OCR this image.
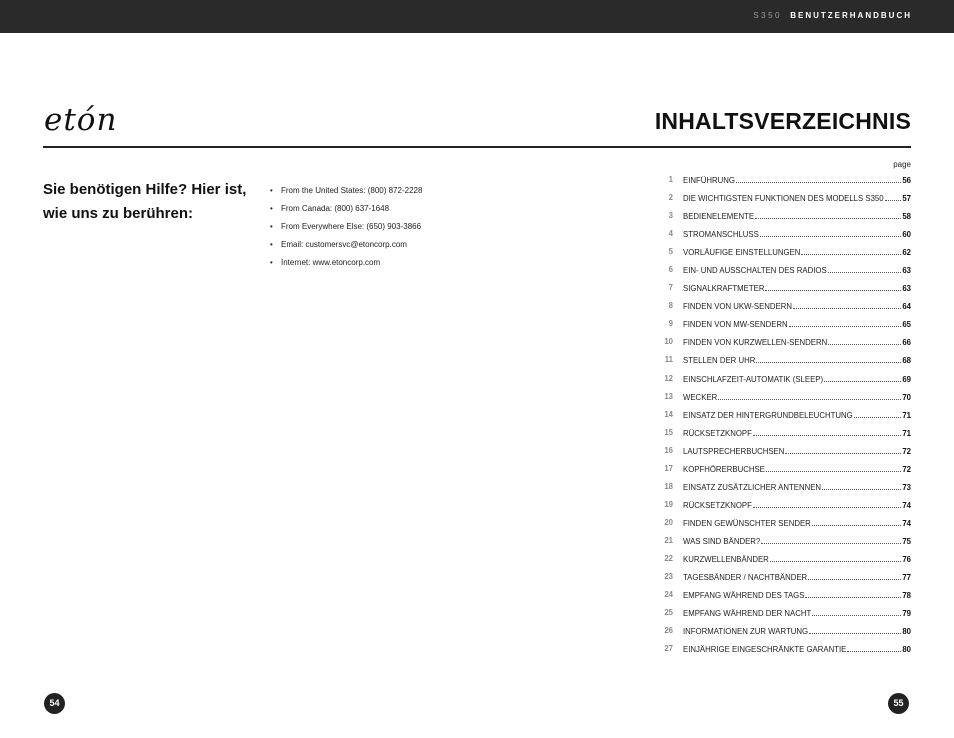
S350 BENUTZERHANDBUCH
etón	INHALTSVERZEICHNIS
Sie benötigen Hilfe? Hier ist, wie uns zu berühren:
• From the United States: (800) 872-2228
• From Canada: (800) 637-1648
• From Everywhere Else: (650) 903-3866
• Email: customersvc@etoncorp.com
• Internet: www.etoncorp.com
page
1 EINFÜHRUNG	56
2 DIE WICHTIGSTEN FUNKTIONEN DES MODELLS S350 57
3 BEDIENELEMENTE	58
4 STROMANSCHLUSS	60
5 VORLÄUFIGE EINSTELLUNGEN	62
6 EIN- UND AUSSCHALTEN DES RADIOS	63
7 SIGNALKRAFTMETER	63
8 FINDEN VON UKW-SENDERN	64
9 FINDEN VON MW-SENDERN	65
10 FINDEN VON KURZWELLEN-SENDERN	66
11 STELLEN DER UHR	68
12 EINSCHLAFZEIT-AUTOMATIK (SLEEP)	69
13 WECKER	70
14 EINSATZ DER HINTERGRUNDBELEUCHTUNG	71
15 RÜCKSETZKNOPF	71
16 LAUTSPRECHERBUCHSEN	72
17 KOPFHÖRERBUCHSE	72
18 EINSATZ ZUSÄTZLICHER ANTENNEN	73
19 RÜCKSETZKNOPF	74
20 FINDEN GEWÜNSCHTER SENDER	74
21 WAS SIND BÄNDER?	75
22 KURZWELLENBÄNDER	76
23 TAGESBÄNDER / NACHTBÄNDER	77
24 EMPFANG WÄHREND DES TAGS	78
25 EMPFANG WÄHREND DER NACHT	79
26 INFORMATIONEN ZUR WARTUNG	80
27 EINJÄHRIGE EINGESCHRÄNKTE GARANTIE	80
54	55
